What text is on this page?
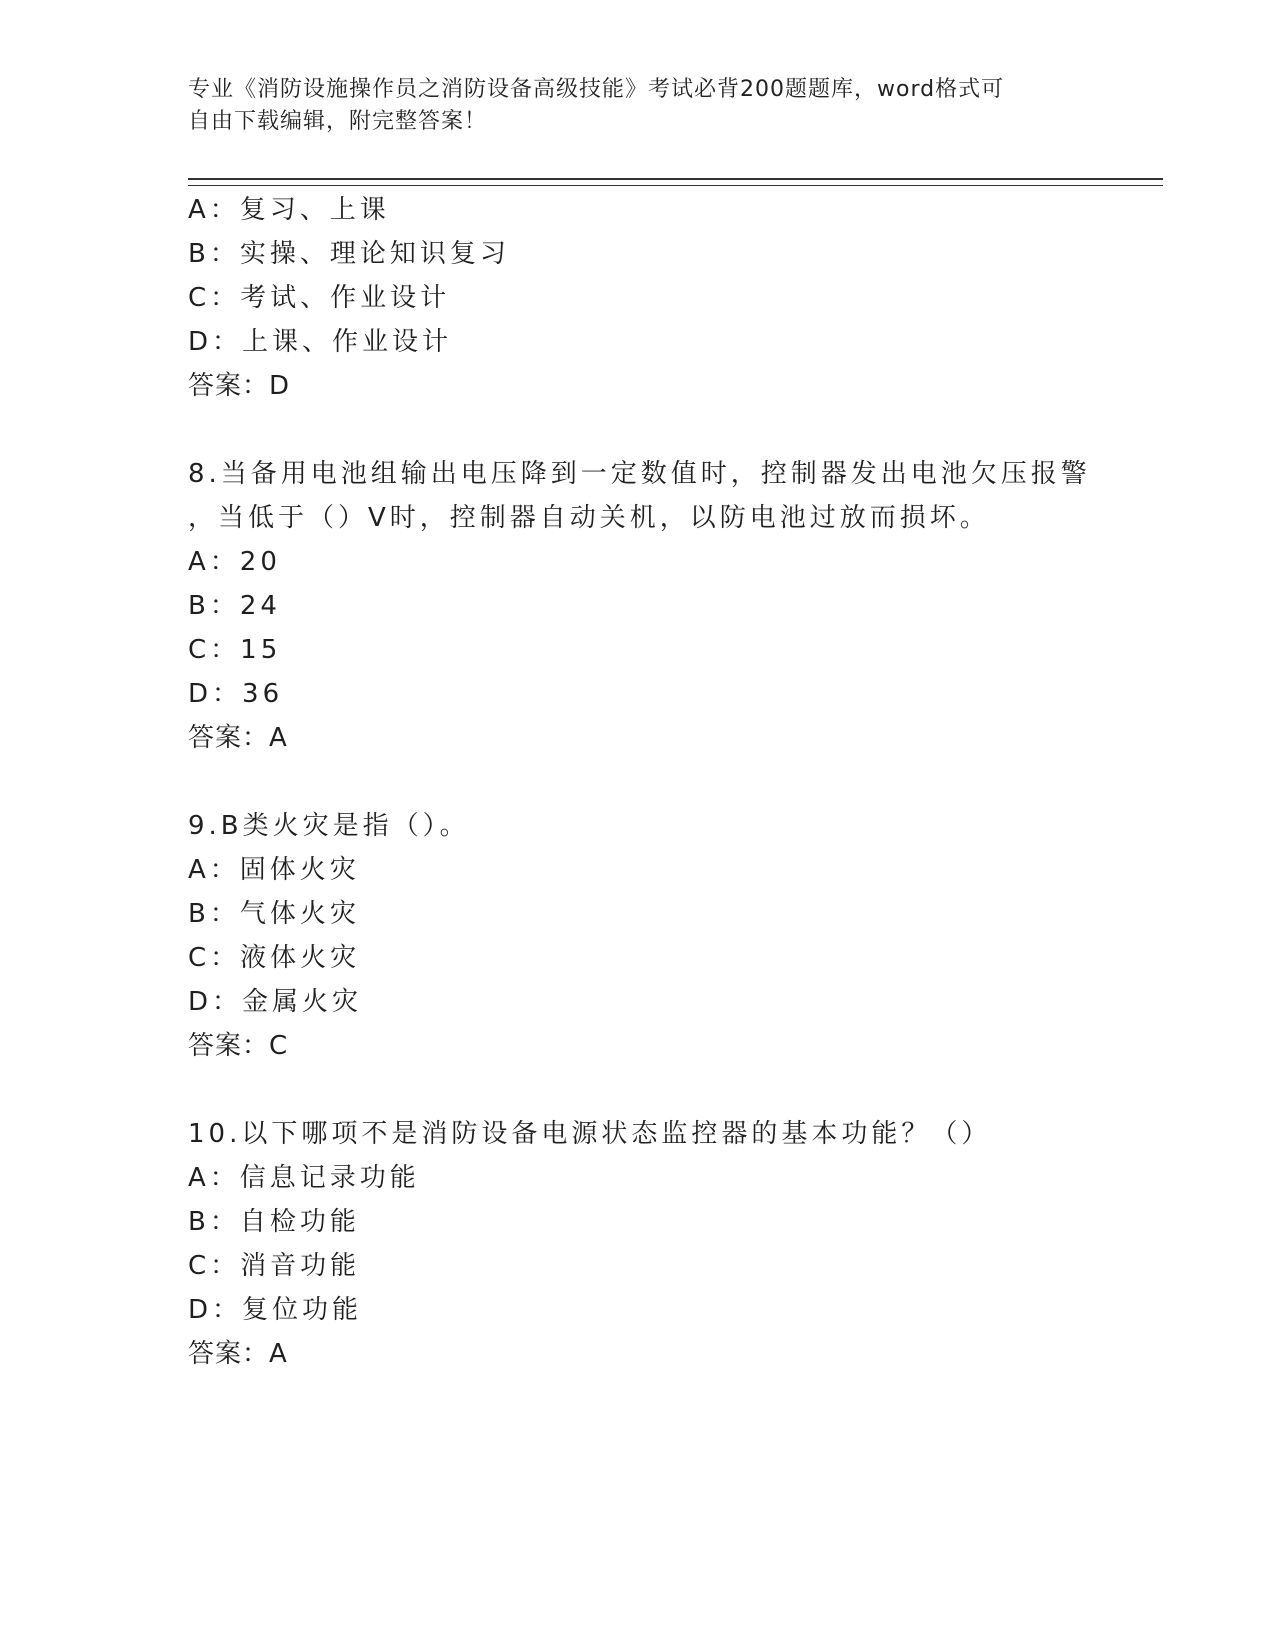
专业《消防设施操作员之消防设备高级技能》考试必背200题题库，word格式可
自由下载编辑，附完整答案！
A：复习、上课
B：实操、理论知识复习
C：考试、作业设计
D：上课、作业设计
答案：D
8.当备用电池组输出电压降到一定数值时，控制器发出电池欠压报警
，当低于（）V时，控制器自动关机，以防电池过放而损坏。
A：20
B：24
C：15
D：36
答案：A
9.B类火灾是指（）。
A：固体火灾
B：气体火灾
C：液体火灾
D：金属火灾
答案：C
10.以下哪项不是消防设备电源状态监控器的基本功能？（）
A：信息记录功能
B：自检功能
C：消音功能
D：复位功能
答案：A
